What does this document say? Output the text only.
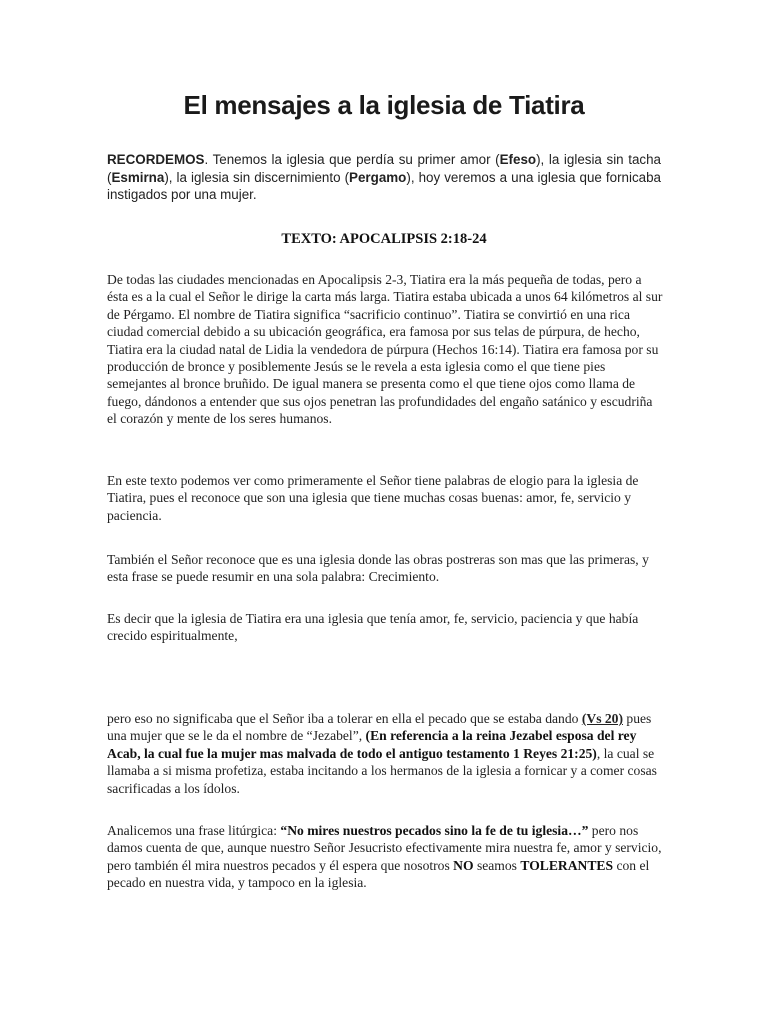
El mensajes a la iglesia de Tiatira

RECORDEMOS. Tenemos la iglesia que perdía su primer amor (Efeso), la iglesia sin tacha (Esmirna), la iglesia sin discernimiento (Pergamo), hoy veremos a una iglesia que fornicaba instigados por una mujer.

TEXTO: APOCALIPSIS 2:18-24

De todas las ciudades mencionadas en Apocalipsis 2-3, Tiatira era la más pequeña de todas, pero a ésta es a la cual el Señor le dirige la carta más larga. Tiatira estaba ubicada a unos 64 kilómetros al sur de Pérgamo. El nombre de Tiatira significa “sacrificio continuo”. Tiatira se convirtió en una rica ciudad comercial debido a su ubicación geográfica, era famosa por sus telas de púrpura, de hecho, Tiatira era la ciudad natal de Lidia la vendedora de púrpura (Hechos 16:14). Tiatira era famosa por su producción de bronce y posiblemente Jesús se le revela a esta iglesia como el que tiene pies semejantes al bronce bruñido. De igual manera se presenta como el que tiene ojos como llama de fuego, dándonos a entender que sus ojos penetran las profundidades del engaño satánico y escudriña el corazón y mente de los seres humanos.

En este texto podemos ver como primeramente el Señor tiene palabras de elogio para la iglesia de Tiatira, pues el reconoce que son una iglesia que tiene muchas cosas buenas: amor, fe, servicio y paciencia.

También el Señor reconoce que es una iglesia donde las obras postreras son mas que las primeras, y esta frase se puede resumir en una sola palabra: Crecimiento.

Es decir que la iglesia de Tiatira era una iglesia que tenía amor, fe, servicio, paciencia y que había crecido espiritualmente,

pero eso no significaba que el Señor iba a tolerar en ella el pecado que se estaba dando (Vs 20) pues una mujer que se le da el nombre de “Jezabel”, (En referencia a la reina Jezabel esposa del rey Acab, la cual fue la mujer mas malvada de todo el antiguo testamento 1 Reyes 21:25), la cual se llamaba a si misma profetiza, estaba incitando a los hermanos de la iglesia a fornicar y a comer cosas sacrificadas a los ídolos.

Analicemos una frase litúrgica: “No mires nuestros pecados sino la fe de tu iglesia…” pero nos damos cuenta de que, aunque nuestro Señor Jesucristo efectivamente mira nuestra fe, amor y servicio, pero también él mira nuestros pecados y él espera que nosotros NO seamos TOLERANTES con el pecado en nuestra vida, y tampoco en la iglesia.
